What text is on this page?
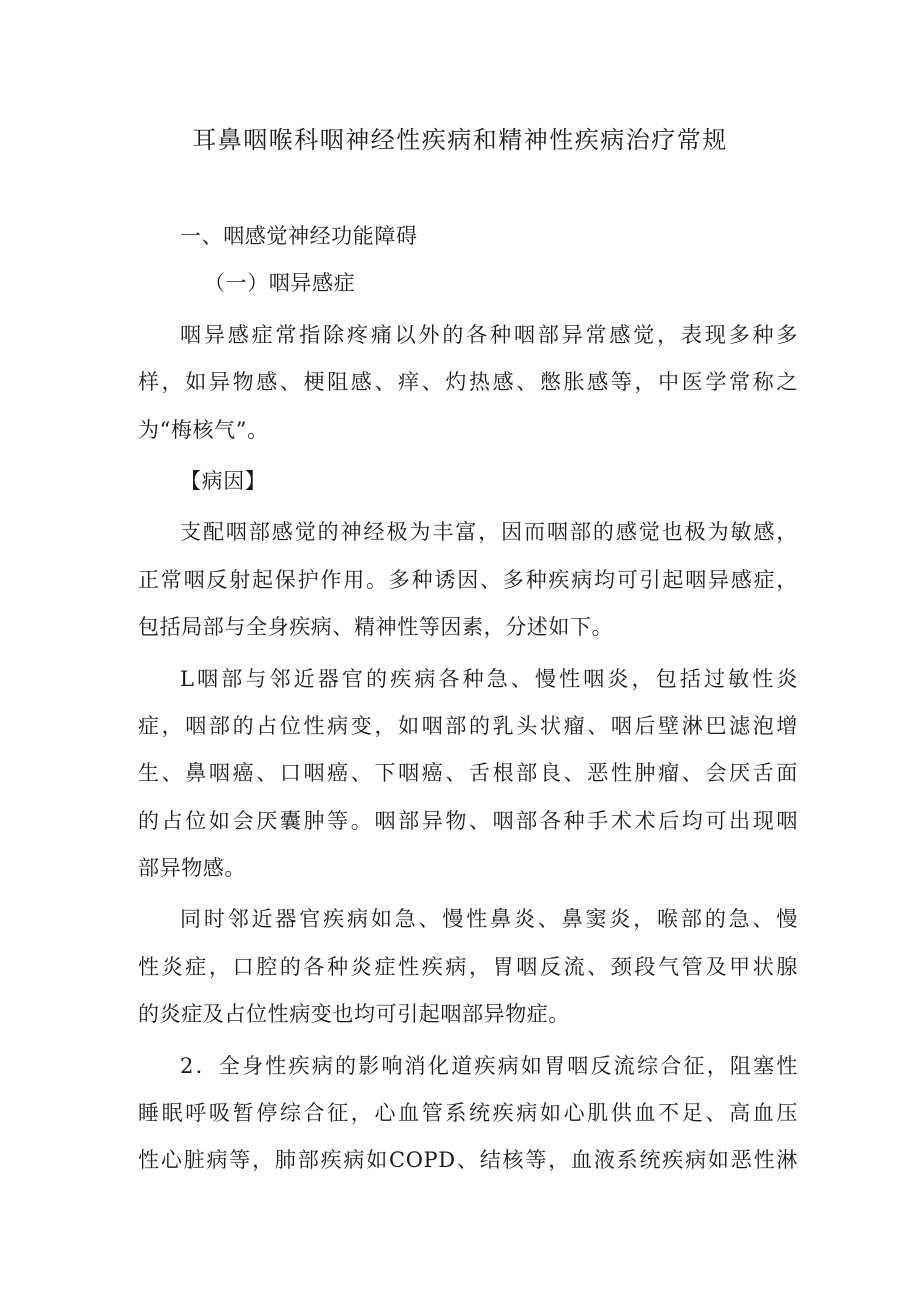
耳鼻咽喉科咽神经性疾病和精神性疾病治疗常规
一、咽感觉神经功能障碍
（一）咽异感症
咽异感症常指除疼痛以外的各种咽部异常感觉，表现多种多
样，如异物感、梗阻感、痒、灼热感、憋胀感等，中医学常称之
为“梅核气”。
【病因】
支配咽部感觉的神经极为丰富，因而咽部的感觉也极为敏感，
正常咽反射起保护作用。多种诱因、多种疾病均可引起咽异感症，
包括局部与全身疾病、精神性等因素，分述如下。
L咽部与邻近器官的疾病各种急、慢性咽炎，包括过敏性炎
症，咽部的占位性病变，如咽部的乳头状瘤、咽后壁淋巴滤泡增
生、鼻咽癌、口咽癌、下咽癌、舌根部良、恶性肿瘤、会厌舌面
的占位如会厌囊肿等。咽部异物、咽部各种手术术后均可出现咽
部异物感。
同时邻近器官疾病如急、慢性鼻炎、鼻窦炎，喉部的急、慢
性炎症，口腔的各种炎症性疾病，胃咽反流、颈段气管及甲状腺
的炎症及占位性病变也均可引起咽部异物症。
2．全身性疾病的影响消化道疾病如胃咽反流综合征，阻塞性
睡眠呼吸暂停综合征，心血管系统疾病如心肌供血不足、高血压
性心脏病等，肺部疾病如COPD、结核等，血液系统疾病如恶性淋
